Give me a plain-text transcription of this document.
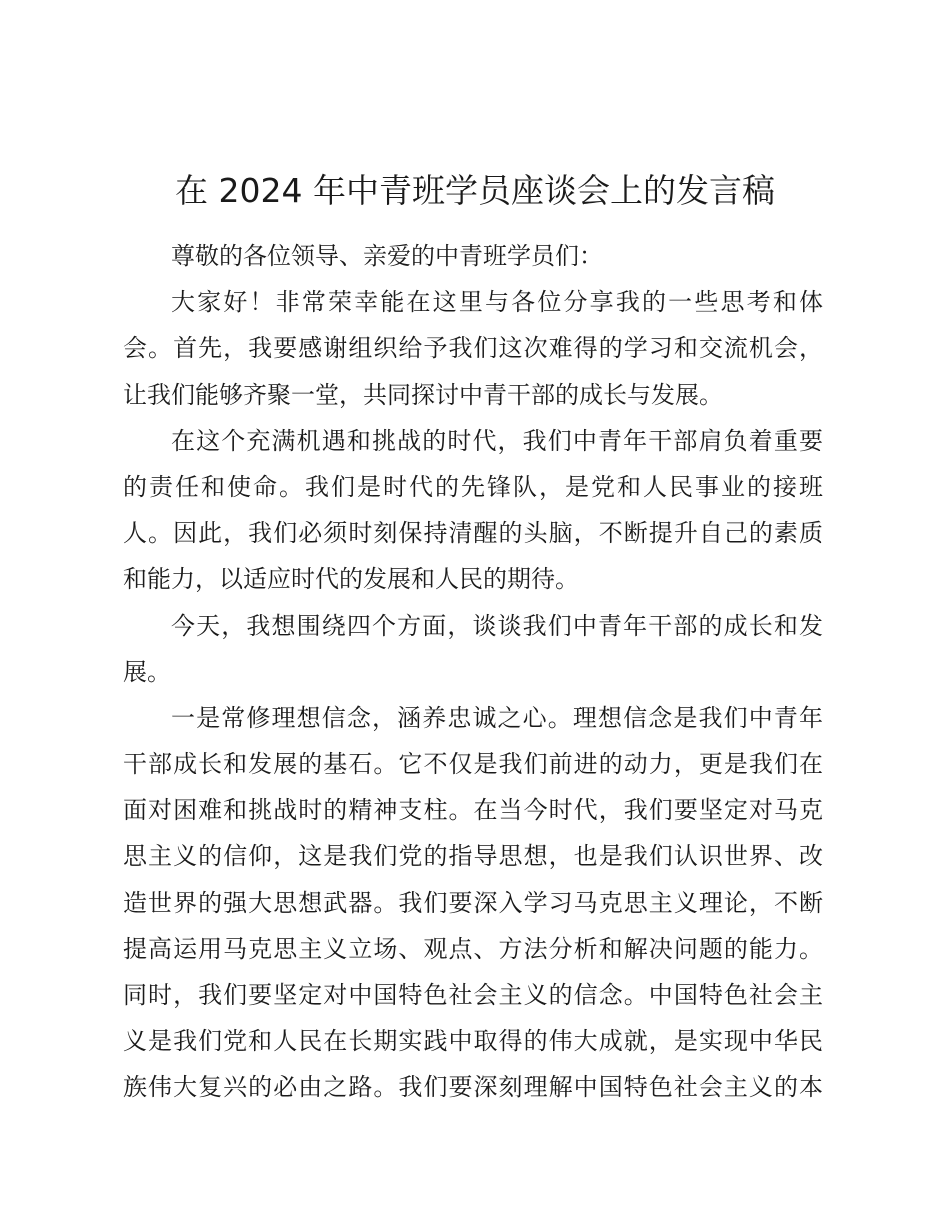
在 2024 年中青班学员座谈会上的发言稿
尊敬的各位领导、亲爱的中青班学员们：
大家好！非常荣幸能在这里与各位分享我的一些思考和体
会。首先，我要感谢组织给予我们这次难得的学习和交流机会，
让我们能够齐聚一堂，共同探讨中青干部的成长与发展。
在这个充满机遇和挑战的时代，我们中青年干部肩负着重要
的责任和使命。我们是时代的先锋队，是党和人民事业的接班
人。因此，我们必须时刻保持清醒的头脑，不断提升自己的素质
和能力，以适应时代的发展和人民的期待。
今天，我想围绕四个方面，谈谈我们中青年干部的成长和发
展。
一是常修理想信念，涵养忠诚之心。理想信念是我们中青年
干部成长和发展的基石。它不仅是我们前进的动力，更是我们在
面对困难和挑战时的精神支柱。在当今时代，我们要坚定对马克
思主义的信仰，这是我们党的指导思想，也是我们认识世界、改
造世界的强大思想武器。我们要深入学习马克思主义理论，不断
提高运用马克思主义立场、观点、方法分析和解决问题的能力。
同时，我们要坚定对中国特色社会主义的信念。中国特色社会主
义是我们党和人民在长期实践中取得的伟大成就，是实现中华民
族伟大复兴的必由之路。我们要深刻理解中国特色社会主义的本
